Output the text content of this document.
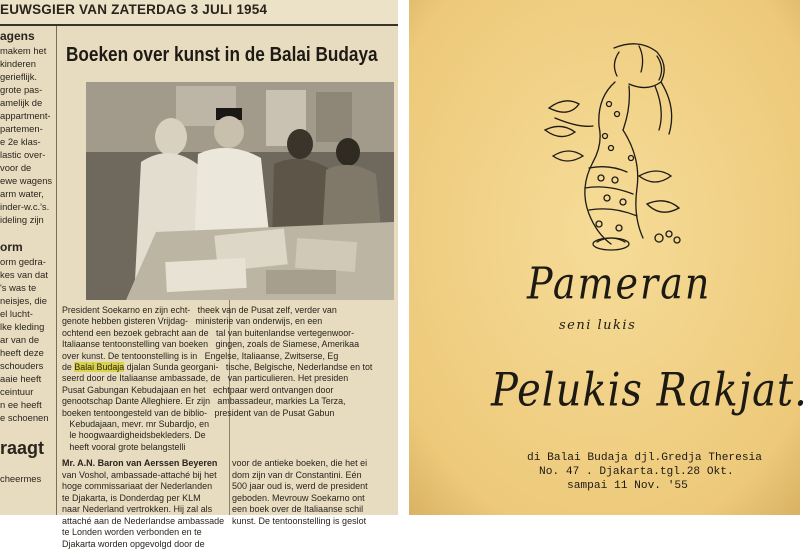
EUWSGIER VAN ZATERDAG 3 JULI 1954
agens
makem het
kinderen
gerieflijk.
grote pas-
amelijk de
appartment-
partemen-
e 2e klas-
lastic over-
voor de
ewe wagens
arm water,
inder-w.c.'s.
ideling zijn

orm
orm gedra-
kes van dat
's was te
neisjes, die
el lucht-
lke kleding
ar van de
heeft deze
schouders
aaie heeft
ceintuur
n ee heeft
e schoenen

raagt

cheermes
Boeken over kunst in de Balai Budaya
President Soekarno en zijn echt-   theek van de Pusat zelf, verder van
genote hebben gisteren Vrijdag-   ministerie van onderwijs, en een
ochtend een bezoek gebracht aan de   tal van buitenlandse vertegenwoor-
Italiaanse tentoonstelling van boeken   gingen, zoals de Siamese, Amerikaa
over kunst. De tentoonstelling is in   Engelse, Italiaanse, Zwitserse, Eg
de Balai Budaja djalan Sunda georgani-   tische, Belgische, Nederlandse en tot
seerd door de Italiaanse ambassade, de   van particulieren. Het presiden
Pusat Gabungan Kebudajaan en het   echtpaar werd ontvangen door
genootschap Dante Alleghiere. Er zijn   ambassadeur, markies La Terza,
boeken tentoongesteld van de biblio-   president van de Pusat Gabun
Kebudajaan, mevr. mr Subardjo, en
le hoogwaardigheidsbekleders. De
heeft vooral grote belangstelli
Mr. A.N. Baron van Aerssen Beyeren
van Voshol, ambassade-attaché bij het
hoge commissariaat der Nederlanden
te Djakarta, is Donderdag per KLM
naar Nederland vertrokken. Hij zal als
attaché aan de Nederlandse ambassade
te Londen worden verbonden en te
Djakarta worden opgevolgd door de
voor de antieke boeken, die het ei
dom zijn van dr Constantini. Eén
500 jaar oud is, werd de president
geboden. Mevrouw Soekarno ont
een boek over de Italiaanse schil
kunst. De tentoonstelling is geslot
Pameran
seni lukis
Pelukis Rakjat.
di Balai Budaja djl.Gredja Theresia
No. 47 . Djakarta.tgl.28 Okt.
sampai 11 Nov. '55
